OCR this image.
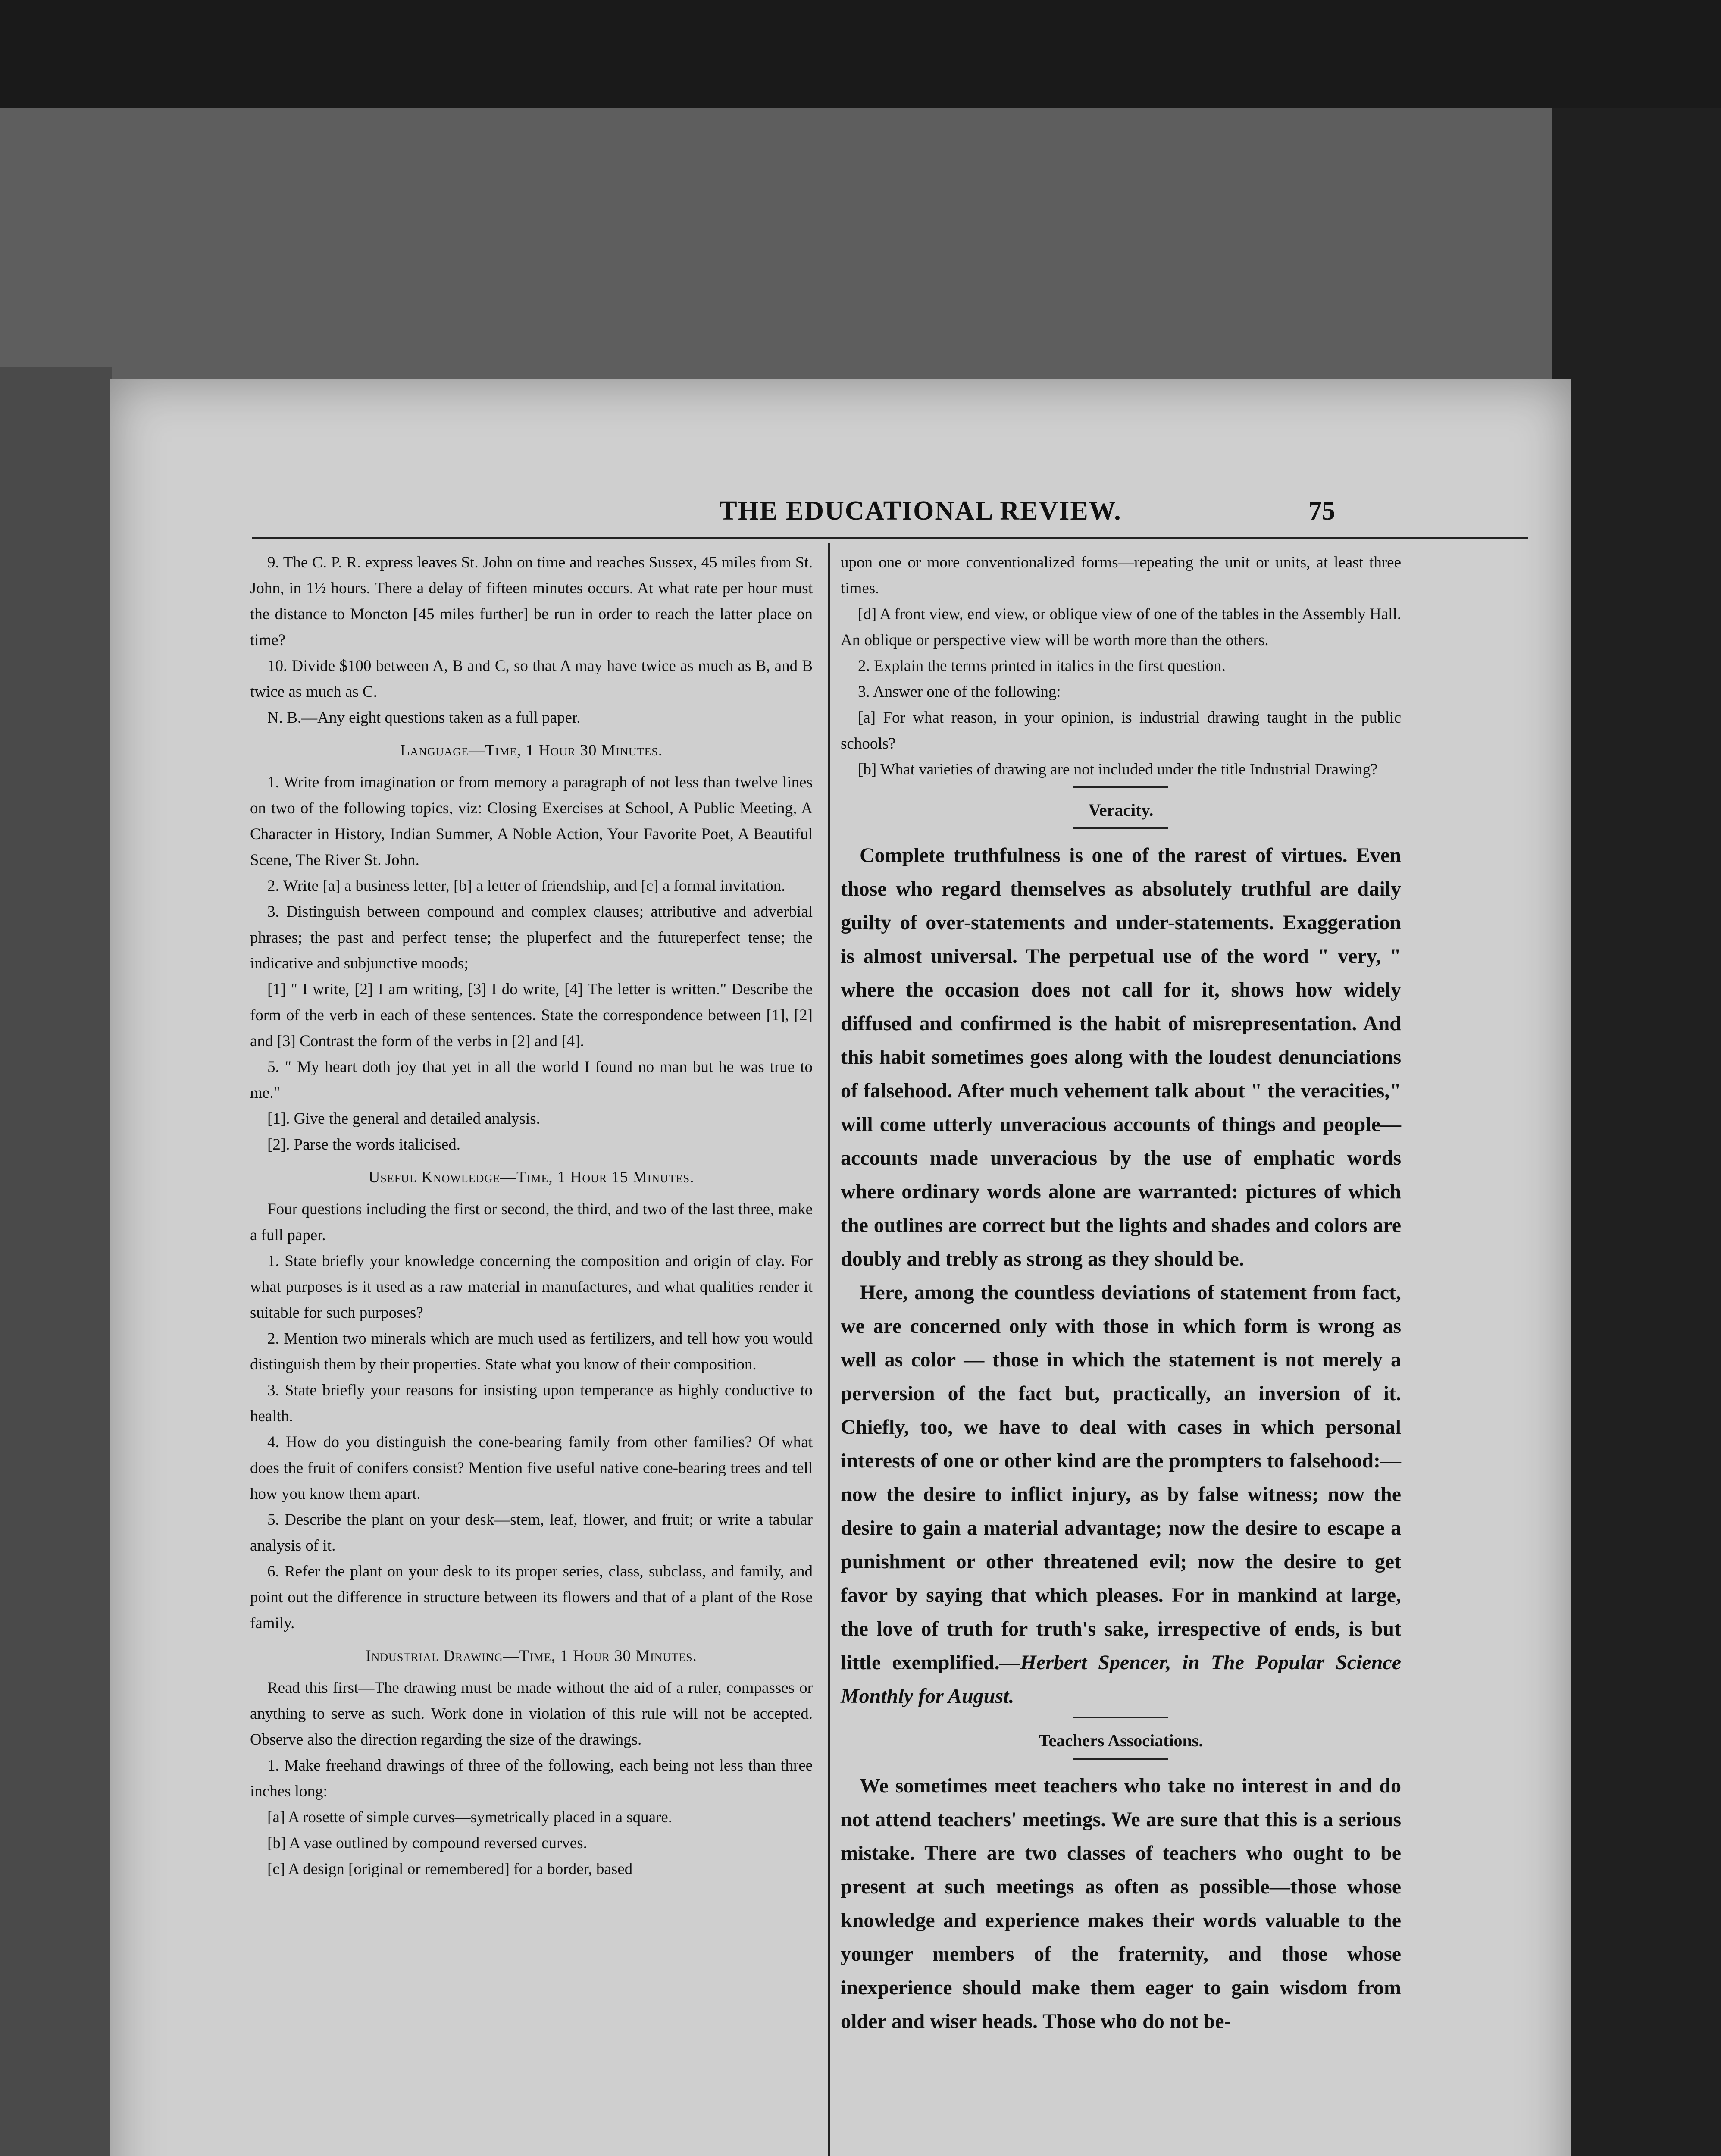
THE EDUCATIONAL REVIEW.	75

9. The C. P. R. express leaves St. John on time and reaches Sussex, 45 miles from St. John, in 1½ hours. There a delay of fifteen minutes occurs. At what rate per hour must the distance to Moncton [45 miles further] be run in order to reach the latter place on time?

10. Divide $100 between A, B and C, so that A may have twice as much as B, and B twice as much as C.

N. B.—Any eight questions taken as a full paper.

Language—Time, 1 Hour 30 Minutes.

1. Write from imagination or from memory a paragraph of not less than twelve lines on two of the following topics, viz: Closing Exercises at School, A Public Meeting, A Character in History, Indian Summer, A Noble Action, Your Favorite Poet, A Beautiful Scene, The River St. John.

2. Write [a] a business letter, [b] a letter of friendship, and [c] a formal invitation.

3. Distinguish between compound and complex clauses; attributive and adverbial phrases; the past and perfect tense; the pluperfect and the futureperfect tense; the indicative and subjunctive moods;

[1] " I write, [2] I am writing, [3] I do write, [4] The letter is written." Describe the form of the verb in each of these sentences. State the correspondence between [1], [2] and [3] Contrast the form of the verbs in [2] and [4].

5. " My heart doth joy that yet in all the world I found no man but he was true to me."

[1]. Give the general and detailed analysis.

[2]. Parse the words italicised.

Useful Knowledge—Time, 1 Hour 15 Minutes.

Four questions including the first or second, the third, and two of the last three, make a full paper.

1. State briefly your knowledge concerning the composition and origin of clay. For what purposes is it used as a raw material in manufactures, and what qualities render it suitable for such purposes?

2. Mention two minerals which are much used as fertilizers, and tell how you would distinguish them by their properties. State what you know of their composition.

3. State briefly your reasons for insisting upon temperance as highly conductive to health.

4. How do you distinguish the cone-bearing family from other families? Of what does the fruit of conifers consist? Mention five useful native cone-bearing trees and tell how you know them apart.

5. Describe the plant on your desk—stem, leaf, flower, and fruit; or write a tabular analysis of it.

6. Refer the plant on your desk to its proper series, class, subclass, and family, and point out the difference in structure between its flowers and that of a plant of the Rose family.

Industrial Drawing—Time, 1 Hour 30 Minutes.

Read this first—The drawing must be made without the aid of a ruler, compasses or anything to serve as such. Work done in violation of this rule will not be accepted. Observe also the direction regarding the size of the drawings.

1. Make freehand drawings of three of the following, each being not less than three inches long:

[a] A rosette of simple curves—symetrically placed in a square.

[b] A vase outlined by compound reversed curves.

[c] A design [original or remembered] for a border, based

upon one or more conventionalized forms—repeating the unit or units, at least three times.

[d] A front view, end view, or oblique view of one of the tables in the Assembly Hall. An oblique or perspective view will be worth more than the others.

2. Explain the terms printed in italics in the first question.

3. Answer one of the following:

[a] For what reason, in your opinion, is industrial drawing taught in the public schools?

[b] What varieties of drawing are not included under the title Industrial Drawing?

Veracity.

Complete truthfulness is one of the rarest of virtues. Even those who regard themselves as absolutely truthful are daily guilty of over-statements and under-statements. Exaggeration is almost universal. The perpetual use of the word " very, " where the occasion does not call for it, shows how widely diffused and confirmed is the habit of misrepresentation. And this habit sometimes goes along with the loudest denunciations of falsehood. After much vehement talk about " the veracities," will come utterly unveracious accounts of things and people—accounts made unveracious by the use of emphatic words where ordinary words alone are warranted: pictures of which the outlines are correct but the lights and shades and colors are doubly and trebly as strong as they should be.

Here, among the countless deviations of statement from fact, we are concerned only with those in which form is wrong as well as color — those in which the statement is not merely a perversion of the fact but, practically, an inversion of it. Chiefly, too, we have to deal with cases in which personal interests of one or other kind are the prompters to falsehood:—now the desire to inflict injury, as by false witness; now the desire to gain a material advantage; now the desire to escape a punishment or other threatened evil; now the desire to get favor by saying that which pleases. For in mankind at large, the love of truth for truth's sake, irrespective of ends, is but little exemplified.—Herbert Spencer, in The Popular Science Monthly for August.

Teachers Associations.

We sometimes meet teachers who take no interest in and do not attend teachers' meetings. We are sure that this is a serious mistake. There are two classes of teachers who ought to be present at such meetings as often as possible—those whose knowledge and experience makes their words valuable to the younger members of the fraternity, and those whose inexperience should make them eager to gain wisdom from older and wiser heads. Those who do not be-
